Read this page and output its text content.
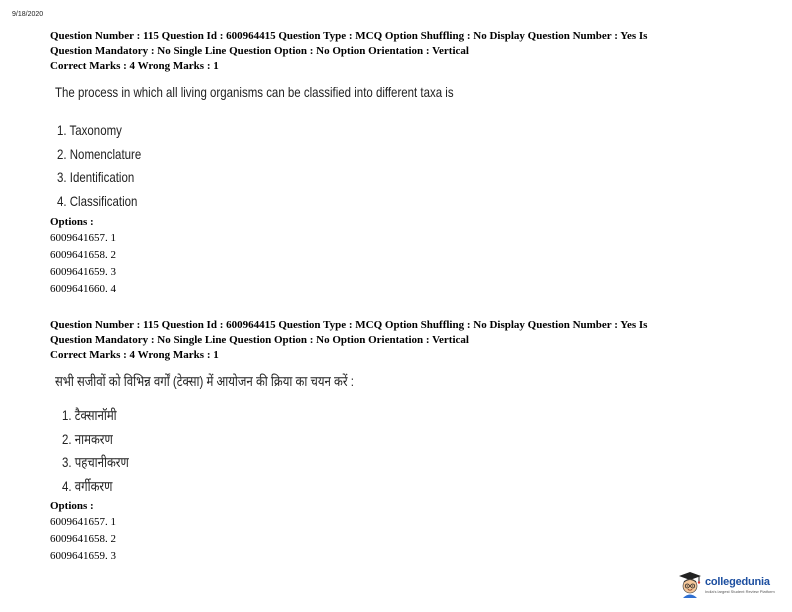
9/18/2020

Question Number : 115 Question Id : 600964415 Question Type : MCQ Option Shuffling : No Display Question Number : Yes Is

Question Mandatory : No Single Line Question Option : No Option Orientation : Vertical

Correct Marks : 4 Wrong Marks : 1

The process in which all living organisms can be classified into different taxa is
1. Taxonomy
2. Nomenclature
3. Identification
4. Classification
Options :
6009641657. 1
6009641658. 2
6009641659. 3
6009641660. 4

Question Number : 115 Question Id : 600964415 Question Type : MCQ Option Shuffling : No Display Question Number : Yes Is

Question Mandatory : No Single Line Question Option : No Option Orientation : Vertical

Correct Marks : 4 Wrong Marks : 1

सभी सजीवों को विभिन्न वर्गों (टेक्सा) में आयोजन की क्रिया का चयन करें :
1. टैक्सानॉमी
2. नामकरण
3. पहचानीकरण
4. वर्गीकरण
Options :
6009641657. 1
6009641658. 2
6009641659. 3
collegedunia
India's largest Student Review Platform
